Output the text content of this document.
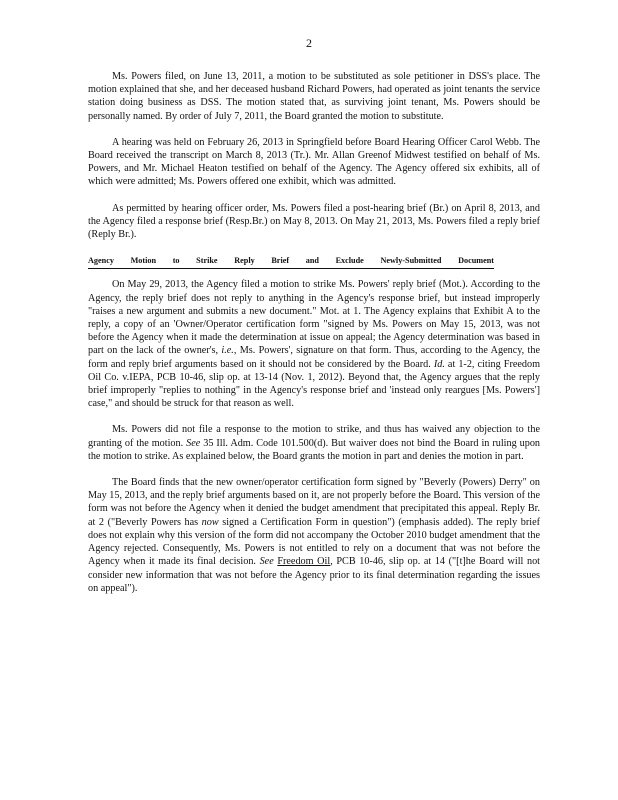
2

Ms. Powers filed, on June 13, 2011, a motion to be substituted as sole petitioner in DSS's place. The motion explained that she, and her deceased husband Richard Powers, had operated as joint tenants the service station doing business as DSS. The motion stated that, as surviving joint tenant, Ms. Powers should be personally named. By order of July 7, 2011, the Board granted the motion to substitute.

A hearing was held on February 26, 2013 in Springfield before Board Hearing Officer Carol Webb. The Board received the transcript on March 8, 2013 (Tr.). Mr. Allan Greenof Midwest testified on behalf of Ms. Powers, and Mr. Michael Heaton testified on behalf of the Agency. The Agency offered six exhibits, all of which were admitted; Ms. Powers offered one exhibit, which was admitted.

As permitted by hearing officer order, Ms. Powers filed a post-hearing brief (Br.) on April 8, 2013, and the Agency filed a response brief (Resp.Br.) on May 8, 2013. On May 21, 2013, Ms. Powers filed a reply brief (Reply Br.).

Agency Motion to Strike Reply Brief and Exclude Newly-Submitted Document

On May 29, 2013, the Agency filed a motion to strike Ms. Powers' reply brief (Mot.). According to the Agency, the reply brief does not reply to anything in the Agency's response brief, but instead improperly "raises a new argument and submits a new document." Mot. at 1. The Agency explains that Exhibit A to the reply, a copy of an 'Owner/Operator certification form "signed by Ms. Powers on May 15, 2013, was not before the Agency when it made the determination at issue on appeal; the Agency determination was based in part on the lack of the owner's, i.e., Ms. Powers', signature on that form. Thus, according to the Agency, the form and reply brief arguments based on it should not be considered by the Board. Id. at 1-2, citing Freedom Oil Co. v.IEPA, PCB 10-46, slip op. at 13-14 (Nov. 1, 2012). Beyond that, the Agency argues that the reply brief improperly "replies to nothing" in the Agency's response brief and 'instead only reargues [Ms. Powers'] case," and should be struck for that reason as well.

Ms. Powers did not file a response to the motion to strike, and thus has waived any objection to the granting of the motion. See 35 Ill. Adm. Code 101.500(d). But waiver does not bind the Board in ruling upon the motion to strike. As explained below, the Board grants the motion in part and denies the motion in part.

The Board finds that the new owner/operator certification form signed by "Beverly (Powers) Derry" on May 15, 2013, and the reply brief arguments based on it, are not properly before the Board. This version of the form was not before the Agency when it denied the budget amendment that precipitated this appeal. Reply Br. at 2 ("Beverly Powers has now signed a Certification Form in question") (emphasis added). The reply brief does not explain why this version of the form did not accompany the October 2010 budget amendment that the Agency rejected. Consequently, Ms. Powers is not entitled to rely on a document that was not before the Agency when it made its final decision. See Freedom Oil, PCB 10-46, slip op. at 14 ("[t]he Board will not consider new information that was not before the Agency prior to its final determination regarding the issues on appeal").
